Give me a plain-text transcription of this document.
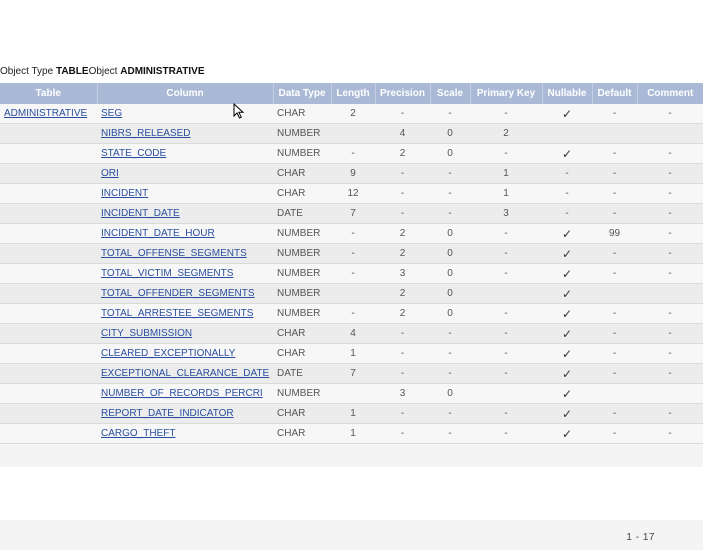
Object Type TABLEObject ADMINISTRATIVE
Table	Column	Data Type	Length	Precision	Scale	Primary Key	Nullable	Default	Comment
ADMINISTRATIVE	SEG	CHAR	2	-	-	-	✓	-	-
	NIBRS_RELEASED	NUMBER		4	0	2			
	STATE_CODE	NUMBER	-	2	0	-	✓	-	-
	ORI	CHAR	9	-	-	1	-	-	-
	INCIDENT	CHAR	12	-	-	1	-	-	-
	INCIDENT_DATE	DATE	7	-	-	3	-	-	-
	INCIDENT_DATE_HOUR	NUMBER	-	2	0	-	✓	99	-
	TOTAL_OFFENSE_SEGMENTS	NUMBER	-	2	0	-	✓	-	-
	TOTAL_VICTIM_SEGMENTS	NUMBER	-	3	0	-	✓	-	-
	TOTAL_OFFENDER_SEGMENTS	NUMBER		2	0		✓		
	TOTAL_ARRESTEE_SEGMENTS	NUMBER	-	2	0	-	✓	-	-
	CITY_SUBMISSION	CHAR	4	-	-	-	✓	-	-
	CLEARED_EXCEPTIONALLY	CHAR	1	-	-	-	✓	-	-
	EXCEPTIONAL_CLEARANCE_DATE	DATE	7	-	-	-	✓	-	-
	NUMBER_OF_RECORDS_PERCRI	NUMBER		3	0		✓		
	REPORT_DATE_INDICATOR	CHAR	1	-	-	-	✓	-	-
	CARGO_THEFT	CHAR	1	-	-	-	✓	-	-
1 - 17
